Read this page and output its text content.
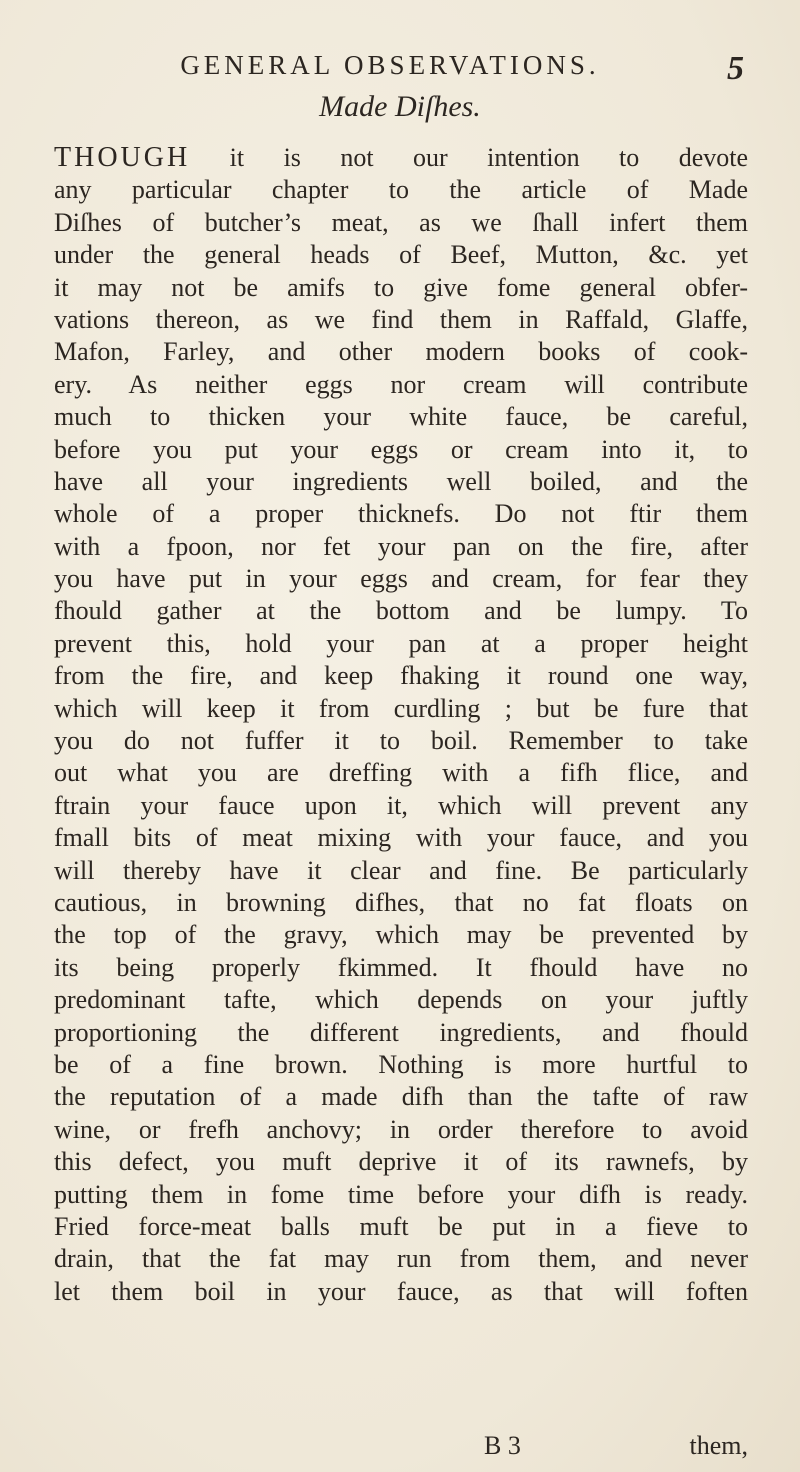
GENERAL OBSERVATIONS.	5
Made Diſhes.
THOUGH it is not our intention to devote
any particular chapter to the article of Made
Diſhes of butcher’s meat, as we ſhall infert them
under the general heads of Beef, Mutton, &c. yet
it may not be amifs to give fome general obfer-
vations thereon, as we find them in Raffald, Glaffe,
Mafon, Farley, and other modern books of cook-
ery. As neither eggs nor cream will contribute
much to thicken your white fauce, be careful,
before you put your eggs or cream into it, to
have all your ingredients well boiled, and the
whole of a proper thicknefs. Do not ftir them
with a fpoon, nor fet your pan on the fire, after
you have put in your eggs and cream, for fear they
fhould gather at the bottom and be lumpy. To
prevent this, hold your pan at a proper height
from the fire, and keep fhaking it round one way,
which will keep it from curdling ; but be fure that
you do not fuffer it to boil. Remember to take
out what you are dreffing with a fifh flice, and
ftrain your fauce upon it, which will prevent any
fmall bits of meat mixing with your fauce, and you
will thereby have it clear and fine. Be particularly
cautious, in browning difhes, that no fat floats on
the top of the gravy, which may be prevented by
its being properly fkimmed. It fhould have no
predominant tafte, which depends on your juftly
proportioning the different ingredients, and fhould
be of a fine brown. Nothing is more hurtful to
the reputation of a made difh than the tafte of raw
wine, or frefh anchovy; in order therefore to avoid
this defect, you muft deprive it of its rawnefs, by
putting them in fome time before your difh is ready.
Fried force-meat balls muft be put in a fieve to
drain, that the fat may run from them, and never
let them boil in your fauce, as that will foften
B 3	them,
